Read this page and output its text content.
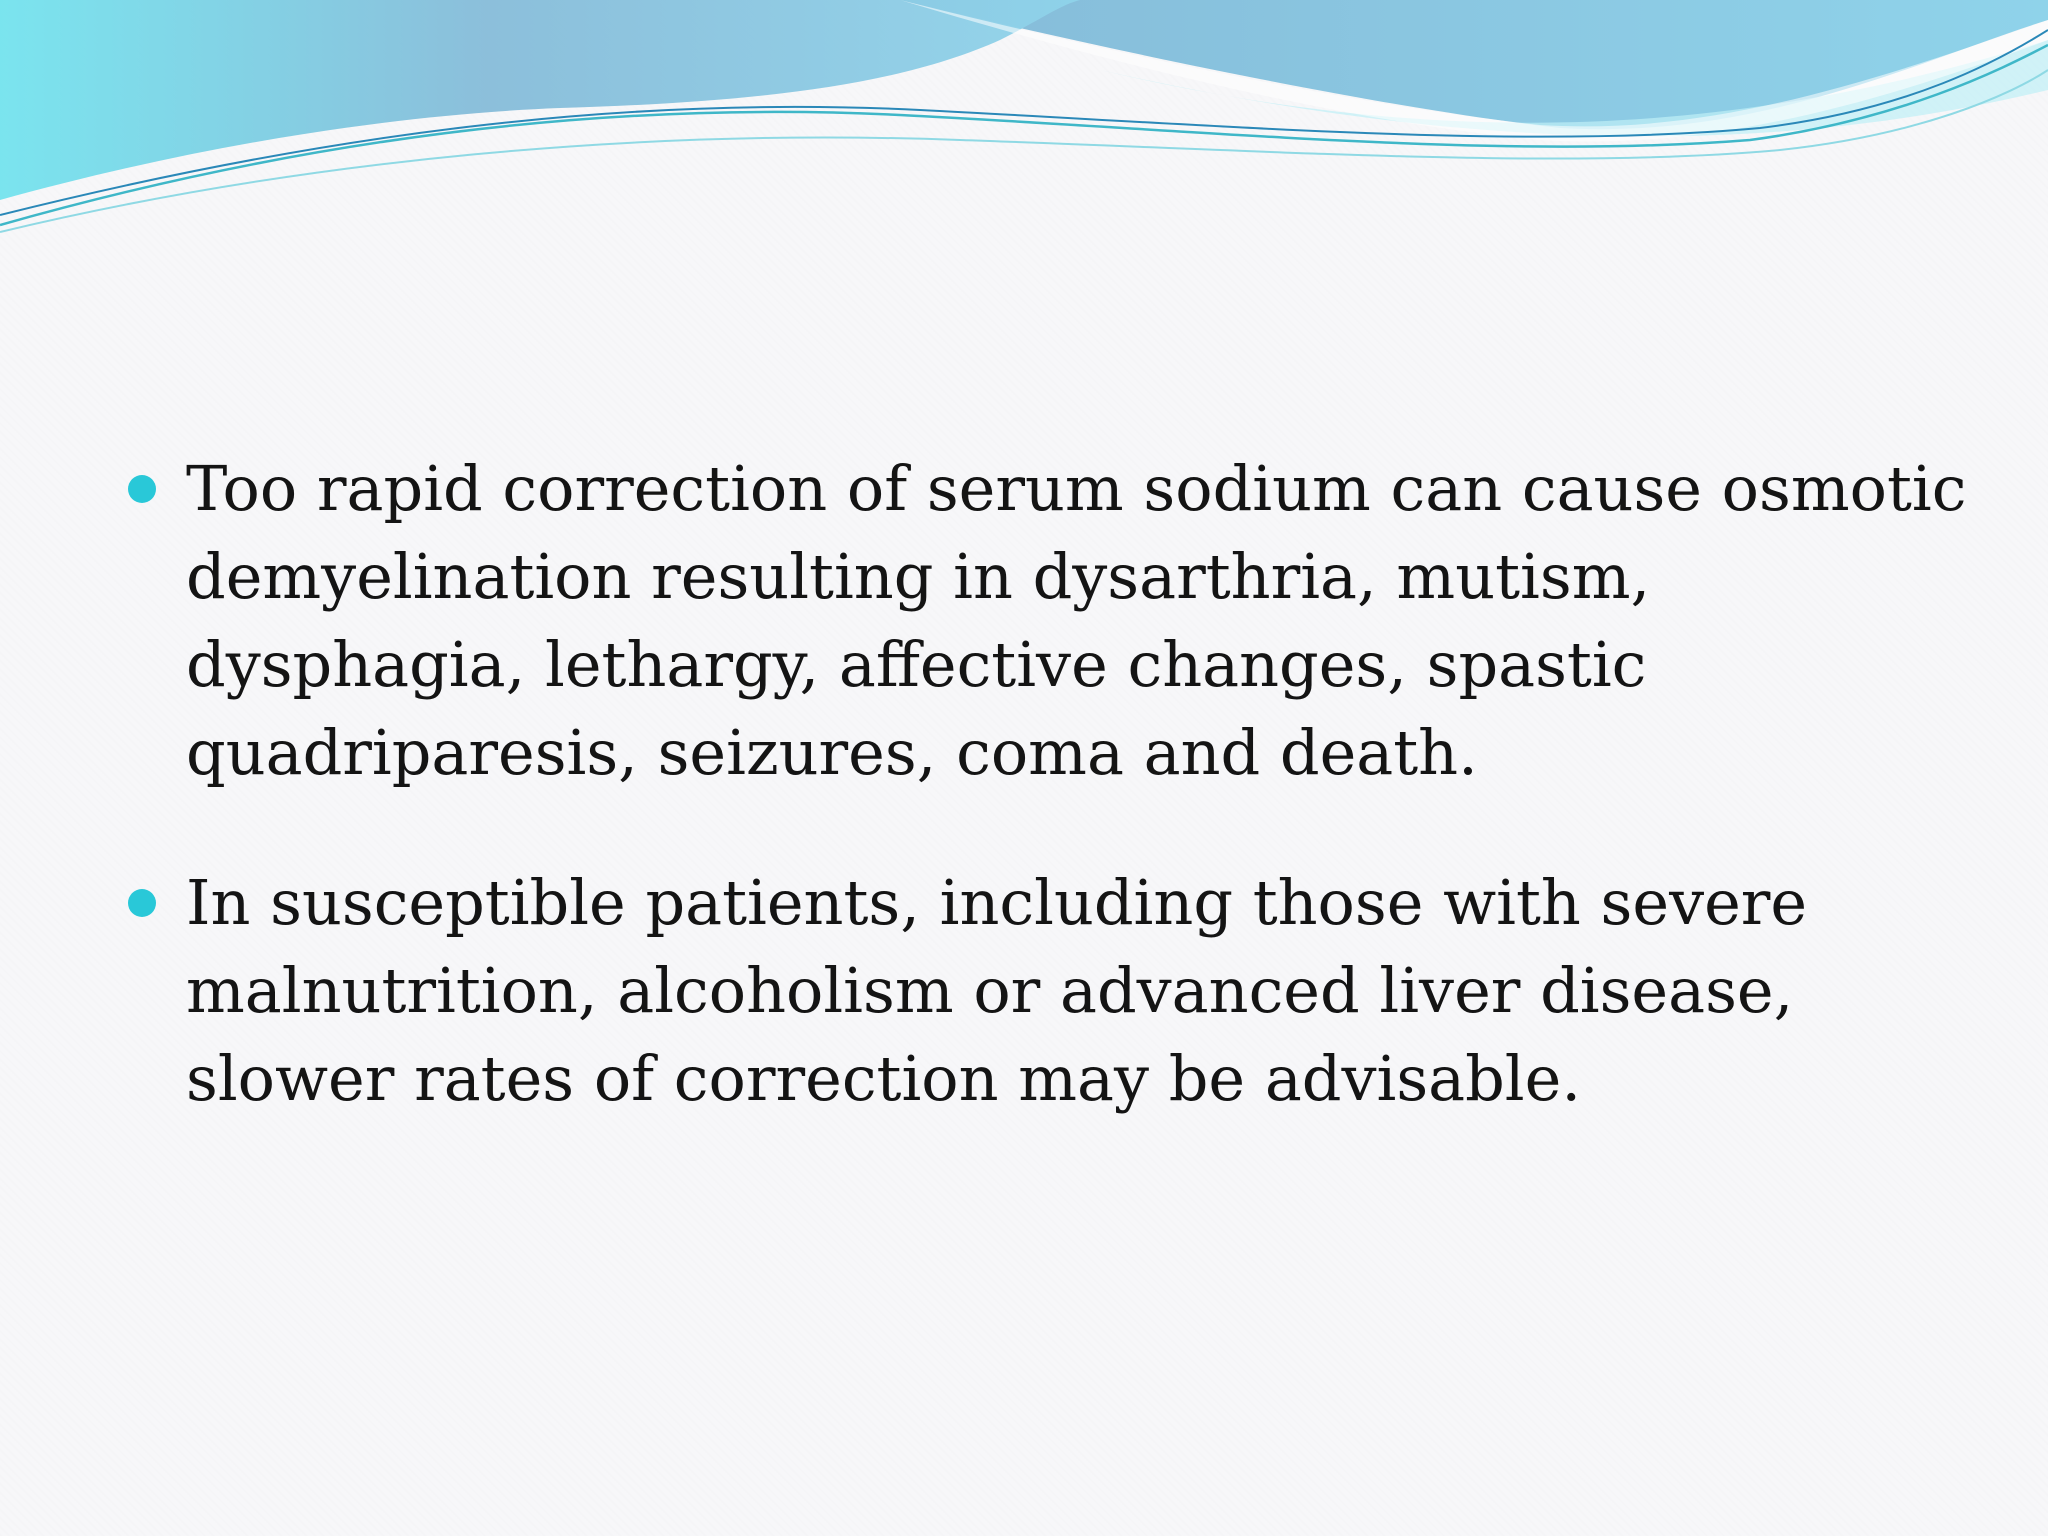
Too rapid correction of serum sodium can cause osmotic demyelination resulting in dysarthria, mutism, dysphagia, lethargy, affective changes, spastic quadriparesis, seizures, coma and death.
In susceptible patients, including those with severe malnutrition, alcoholism or advanced liver disease, slower rates of correction may be advisable.
